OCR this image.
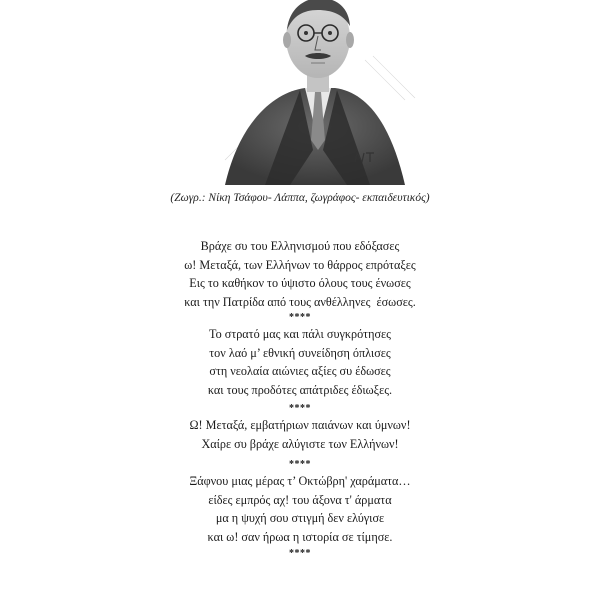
(Ζωγρ.: Νίκη Τσάφου- Λάππα, ζωγράφος- εκπαιδευτικός)

Βράχε συ του Ελληνισμού που εδόξασες
ω! Μεταξά, των Ελλήνων το θάρρος επρόταξες
Εις το καθήκον το ύψιστο όλους τους ένωσες
και την Πατρίδα από τους ανθέλληνες  έσωσες.
****
Το στρατό μας και πάλι συγκρότησες
τον λαό μ’ εθνική συνείδηση όπλισες
στη νεολαία αιώνιες αξίες συ έδωσες
και τους προδότες απάτριδες έδιωξες.
****
Ω! Μεταξά, εμβατήριων παιάνων και ύμνων!
Χαίρε συ βράχε αλύγιστε των Ελλήνων!
****
Ξάφνου μιας μέρας τ’ Οκτώβρη' χαράματα…
είδες εμπρός αχ! του άξονα τ' άρματα
μα η ψυχή σου στιγμή δεν ελύγισε
και ω! σαν ήρωα η ιστορία σε τίμησε.
****
